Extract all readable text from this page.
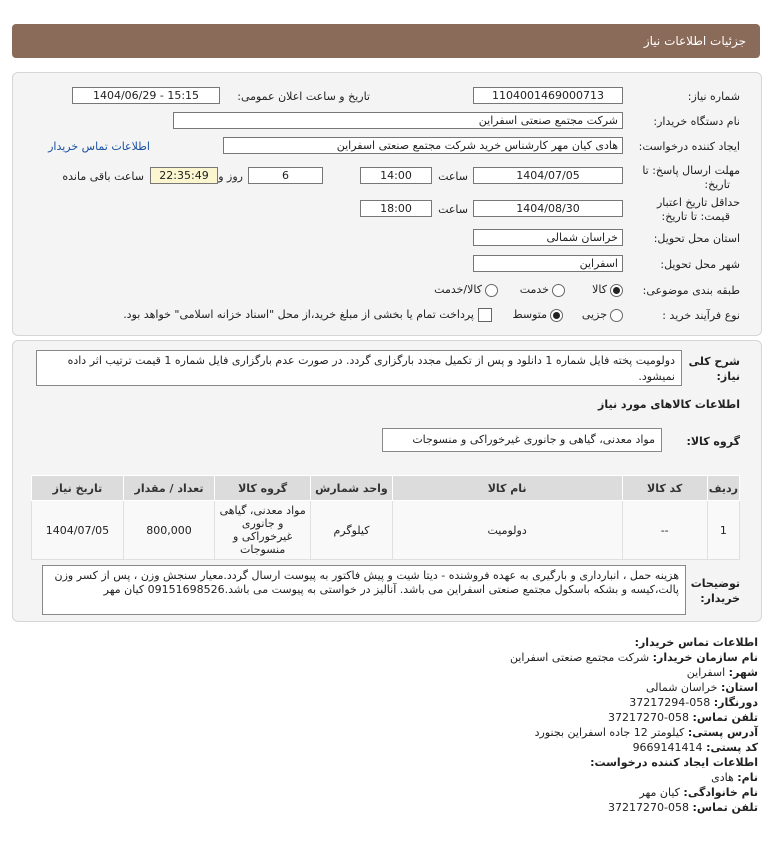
جزئیات اطلاعات نیاز
شماره نیاز:
1104001469000713
تاریخ و ساعت اعلان عمومی:
1404/06/29 - 15:15
نام دستگاه خریدار:
شرکت مجتمع صنعتی اسفراین
ایجاد کننده درخواست:
هادی کیان مهر کارشناس خرید شرکت مجتمع صنعتی اسفراین
اطلاعات تماس خریدار
مهلت ارسال پاسخ: تا
تاریخ:
1404/07/05
ساعت
14:00
6
روز و
22:35:49
ساعت باقی مانده
حداقل تاریخ اعتبار
قیمت: تا تاریخ:
1404/08/30
ساعت
18:00
استان محل تحویل:
خراسان شمالی
شهر محل تحویل:
اسفراین
طبقه بندی موضوعی:
کالا
خدمت
کالا/خدمت
نوع فرآیند خرید :
جزیی
متوسط
پرداخت تمام یا بخشی از مبلغ خرید،از محل "اسناد خزانه اسلامی" خواهد بود.
شرح کلی
نیاز:
دولومیت پخته فایل شماره 1 دانلود و پس از تکمیل مجدد بارگزاری گردد. در صورت عدم بارگزاری فایل شماره 1 قیمت ترتیب اثر داده نمیشود.
اطلاعات کالاهای مورد نیاز
گروه کالا:
مواد معدنی، گیاهی و جانوری غیرخوراکی و منسوجات
ردیف	کد کالا	نام کالا	واحد شمارش	گروه کالا	تعداد / مقدار	تاریخ نیاز
1	--	دولومیت	کیلوگرم	مواد معدنی، گیاهی و جانوری غیرخوراکی و منسوجات	800,000	1404/07/05
توضیحات
خریدار:
هزینه حمل ، انبارداری و بارگیری به عهده فروشنده - دیتا شیت و پیش فاکتور به پیوست ارسال گردد.معیار سنجش وزن ، پس از کسر وزن پالت،کیسه و بشکه باسکول مجتمع صنعتی اسفراین می باشد. آنالیز در خواستی به پیوست می باشد.09151698526 کیان مهر
اطلاعات تماس خریدار:
نام سازمان خریدار: شرکت مجتمع صنعتی اسفراین
شهر: اسفراین
استان: خراسان شمالی
دورنگار: 058-37217294
تلفن تماس: 058-37217270
آدرس پستی: کیلومتر 12 جاده اسفراین بجنورد
کد پستی: 9669141414
اطلاعات ایجاد کننده درخواست:
نام: هادی
نام خانوادگی: کیان مهر
تلفن تماس: 058-37217270
